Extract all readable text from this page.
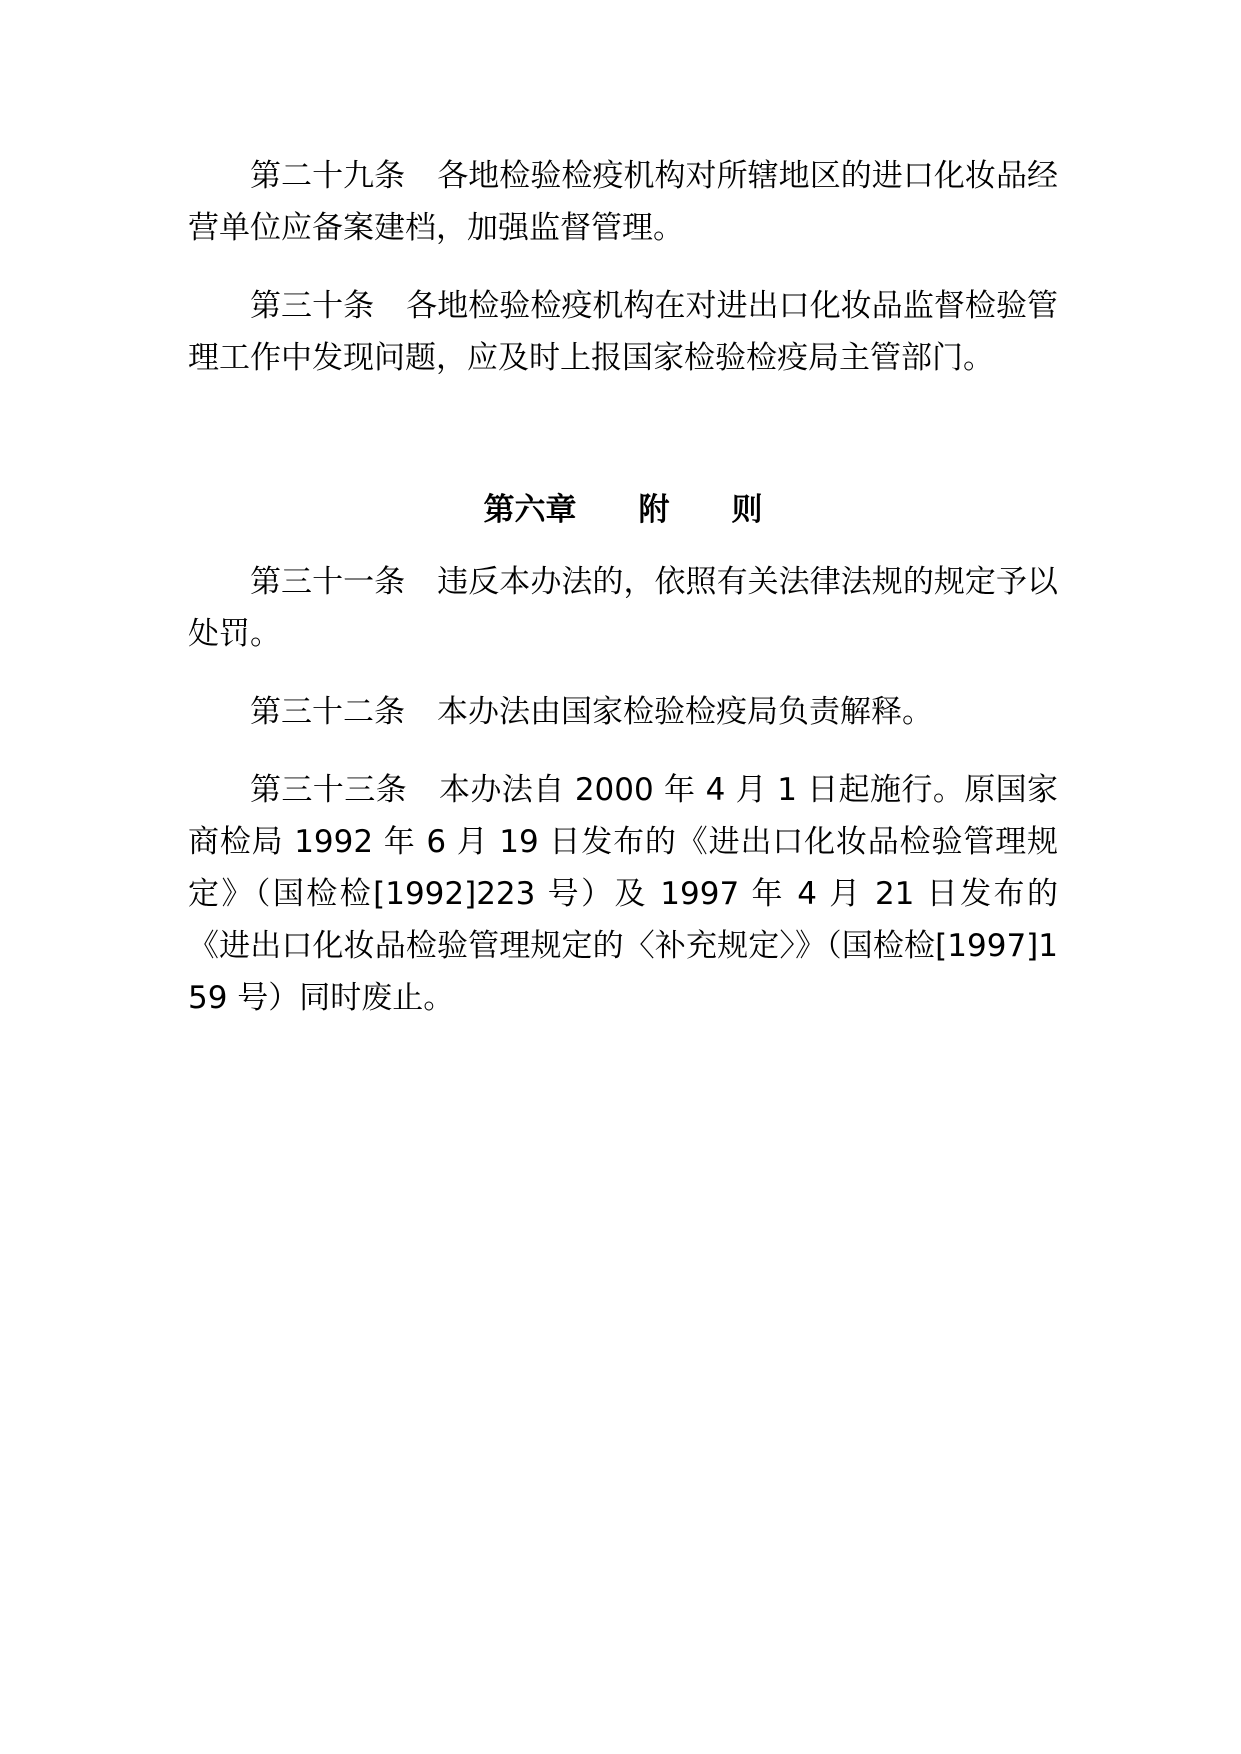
第二十九条 各地检验检疫机构对所辖地区的进口化妆品经营单位应备案建档，加强监督管理。

第三十条 各地检验检疫机构在对进出口化妆品监督检验管理工作中发现问题，应及时上报国家检验检疫局主管部门。

第六章 附 则

第三十一条 违反本办法的，依照有关法律法规的规定予以处罚。

第三十二条 本办法由国家检验检疫局负责解释。

第三十三条 本办法自 2000 年 4 月 1 日起施行。原国家商检局 1992 年 6 月 19 日发布的《进出口化妆品检验管理规定》（国检检[1992]223 号）及 1997 年 4 月 21 日发布的《进出口化妆品检验管理规定的〈补充规定〉》（国检检[1997]159 号）同时废止。
